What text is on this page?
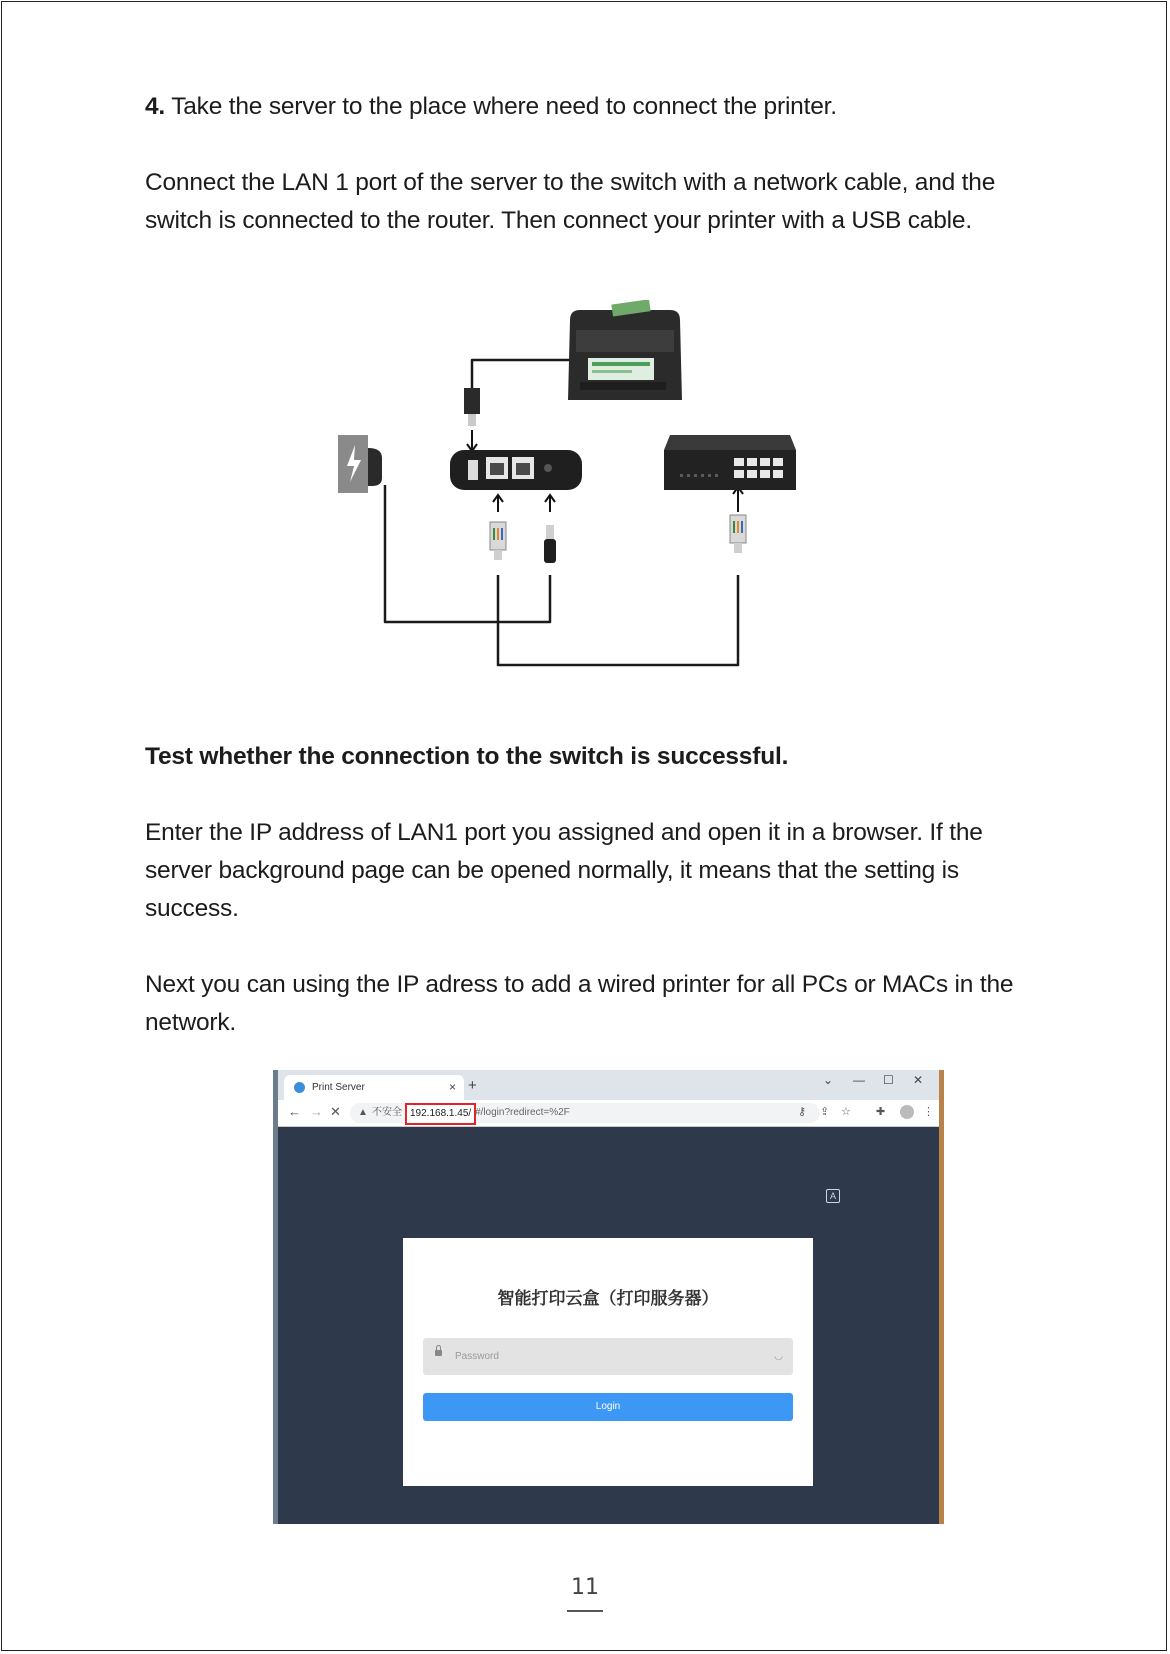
4. Take the server to the place where need to connect the printer.

Connect the LAN 1 port of the server to the switch with a network cable, and the switch is connected to the router. Then connect your printer with a USB cable.

Test whether the connection to the switch is successful.

Enter the IP address of LAN1 port you assigned and open it in a browser. If the server background page can be opened normally, it means that the setting is success.

Next you can using the IP adress to add a wired printer for all PCs or MACs in the network.

Print Server	× +	⌄ — ☐ ✕
← → ✕ ▲ 不安全 192.168.1.45/ #/login?redirect=%2F	⚷ ⇪ ☆ ✚	⋮
A
智能打印云盒（打印服务器）
Password	◡
Login
11
